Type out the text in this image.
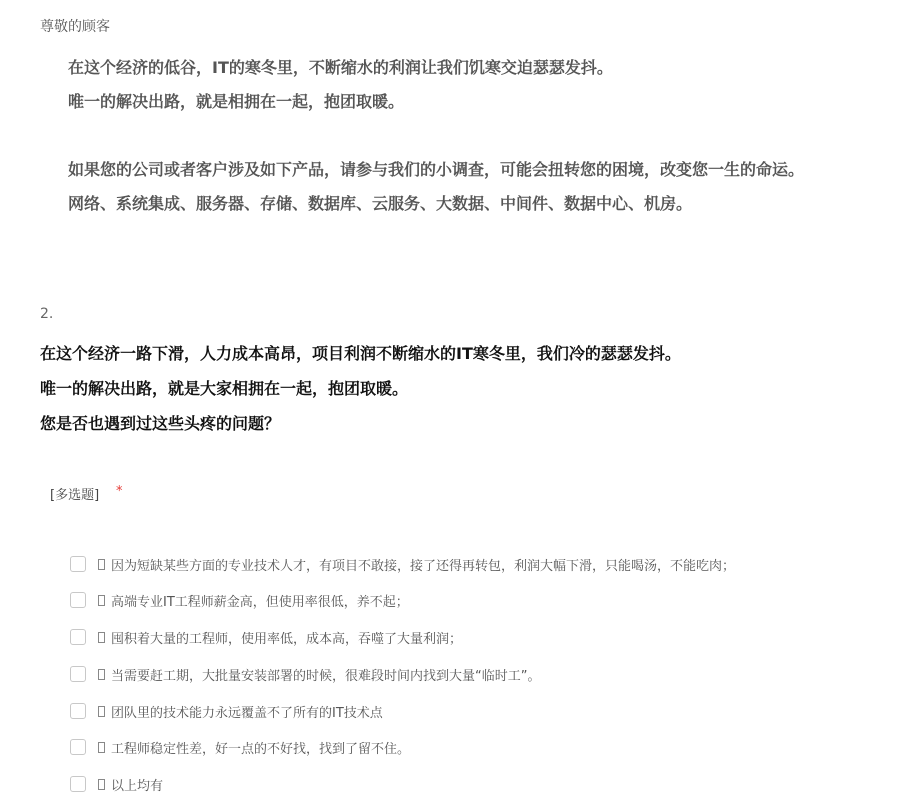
尊敬的顾客
在这个经济的低谷，IT的寒冬里，不断缩水的利润让我们饥寒交迫瑟瑟发抖。
唯一的解决出路，就是相拥在一起，抱团取暖。
如果您的公司或者客户涉及如下产品，请参与我们的小调查，可能会扭转您的困境，改变您一生的命运。
网络、系统集成、服务器、存储、数据库、云服务、大数据、中间件、数据中心、机房。
2.
在这个经济一路下滑，人力成本高昂，项目利润不断缩水的IT寒冬里，我们冷的瑟瑟发抖。
唯一的解决出路，就是大家相拥在一起，抱团取暖。
您是否也遇到过这些头疼的问题？
[多选题] *
因为短缺某些方面的专业技术人才，有项目不敢接，接了还得再转包，利润大幅下滑，只能喝汤，不能吃肉；
高端专业IT工程师薪金高，但使用率很低，养不起；
囤积着大量的工程师，使用率低，成本高，吞噬了大量利润；
当需要赶工期，大批量安装部署的时候，很难段时间内找到大量“临时工”。
团队里的技术能力永远覆盖不了所有的IT技术点
工程师稳定性差，好一点的不好找，找到了留不住。
以上均有
